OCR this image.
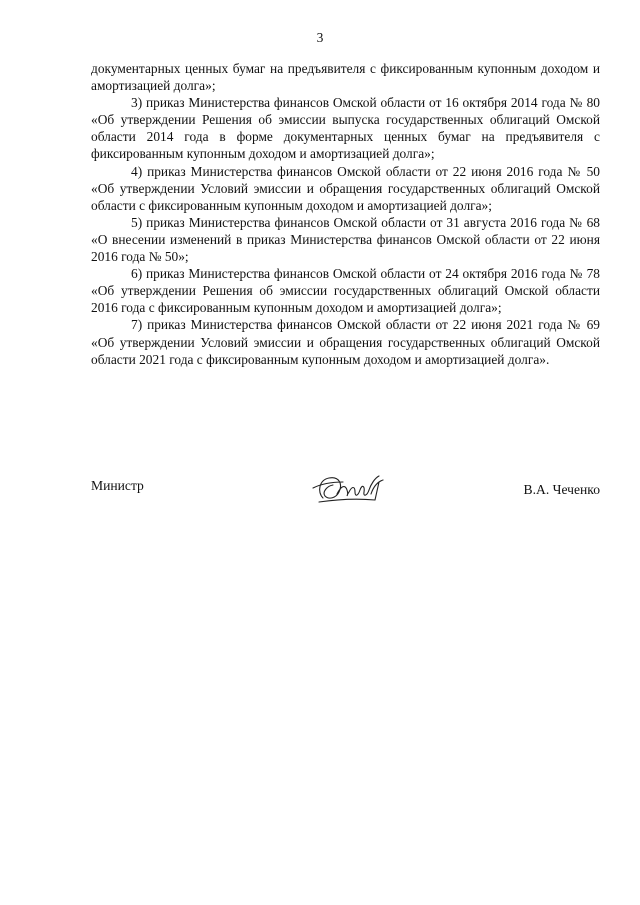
3

документарных ценных бумаг на предъявителя с фиксированным купонным доходом и амортизацией долга»;

3) приказ Министерства финансов Омской области от 16 октября 2014 года № 80 «Об утверждении Решения об эмиссии выпуска государственных облигаций Омской области 2014 года в форме документарных ценных бумаг на предъявителя с фиксированным купонным доходом и амортизацией долга»;

4) приказ Министерства финансов Омской области от 22 июня 2016 года № 50 «Об утверждении Условий эмиссии и обращения государственных облигаций Омской области с фиксированным купонным доходом и амортизацией долга»;

5) приказ Министерства финансов Омской области от 31 августа 2016 года № 68 «О внесении изменений в приказ Министерства финансов Омской области от 22 июня 2016 года № 50»;

6) приказ Министерства финансов Омской области от 24 октября 2016 года № 78 «Об утверждении Решения об эмиссии государственных облигаций Омской области 2016 года с фиксированным купонным доходом и амортизацией долга»;

7) приказ Министерства финансов Омской области от 22 июня 2021 года № 69 «Об утверждении Условий эмиссии и обращения государственных облигаций Омской области 2021 года с фиксированным купонным доходом и амортизацией долга».

Министр	В.А. Чеченко
